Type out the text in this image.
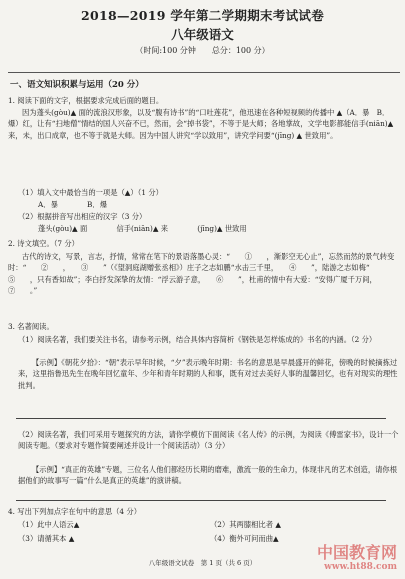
2018—2019 学年第二学期期末考试试卷
八年级语文
（时间:100 分钟　　总分：100 分）
一、语文知识积累与运用（20 分）
1. 阅读下面的文字，根据要求完成后面的题目。
因为蓬头(gòu)▲ 面的流浪汉形象，以及“腹有诗书”的“口吐莲花”，他迅速在各种短视频的传播中 ▲（A．暴　B．爆）红，让有“扫地僧”情结的国人兴奋不已，然而，会“掉书袋”，不等于是大师；各地掌故，文学电影都能信手(niān)▲ 来，未，出口成章，也不等于就是大师。因为中国人讲究“学以致用”，讲究学问要“(jīng) ▲ 世致用”。
（1）填入文中最恰当的一项是（▲）（1 分）
A．暴　　　　B．爆
（2）根据拼音写出相应的汉字（3 分）
蓬头(gòu)▲ 面　　　　信手(niān)▲ 来　　　　(jīng)▲ 世致用
2. 诗文填空。（7 分）
古代的诗文，写景，言志，抒情，常常在笔下的景语落墨心灵：“　　①　　，渐影空无心止”，忘然而然的景气转变时：“　　②　　，　　③　　”（《望洞庭湖赠张丞相》）庄子之志如鹏“水击三千里，　　④　　”，陆游之志如梅“　　⑤　　，只有香如故”；李白抒发深挚的友情：“浮云游子意，　　⑥　　”，杜甫的情中有大爱：“安得广厦千万间，　　⑦　　。”
3. 名著阅读。
（1）阅读名著，我们要关注书名，请参考示例，结合具体内容简析《钢铁是怎样炼成的》书名的内涵。（2 分）
【示例】《朝花夕拾》：“朝”表示早年时候，“夕”表示晚年时期：书名的意思是早晨盛开的鲜花，傍晚的时候摘拣过来，这里指鲁迅先生在晚年回忆童年、少年和青年时期的人和事，既有对过去美好人事的温馨回忆，也有对现实的理性批判。
（2）阅读名著，我们可采用专题探究的方法，请你学模仿下面阅读《名人传》的示例，为阅读《傅雷家书》，设计一个阅读专题。（要求对专题作简要阐述并设计一个阅读活动）（3 分）
【示例】“真正的英雄”专题，三位名人他们都经历长期的磨难，激流一般的生命力，体现非凡的艺术创造，请你根据他们的故事写一篇“什么是真正的英雄”的演讲稿。
4. 写出下列加点字在句中的意思（4 分）
（1）此中人语云▲	（2）其两膝相比者 ▲
（3）请循其本 ▲	（4）衡外可问而曲▲
八年级语文试卷　第 1 页（共 6 页）
中国教育网
www.ht88.com
